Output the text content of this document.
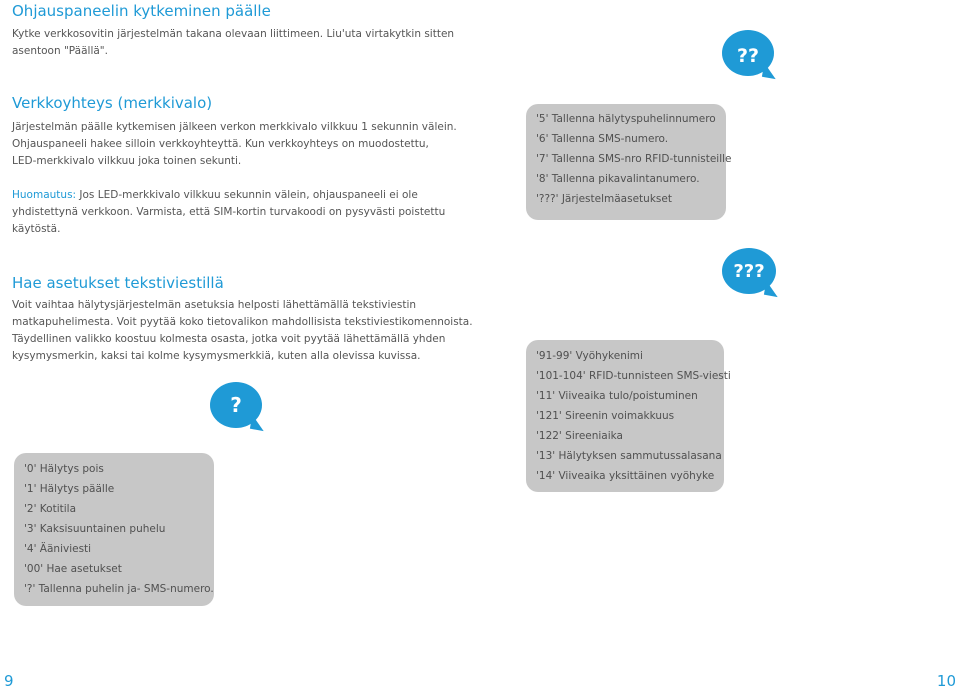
Ohjauspaneelin kytkeminen päälle

Kytke verkkosovitin järjestelmän takana olevaan liittimeen. Liu'uta virtakytkin sitten
asentoon "Päällä".	??
Verkkoyhteys (merkkivalo)

Järjestelmän päälle kytkemisen jälkeen verkon merkkivalo vilkkuu 1 sekunnin välein.
Ohjauspaneeli hakee silloin verkkoyhteyttä. Kun verkkoyhteys on muodostettu,
LED-merkkivalo vilkkuu joka toinen sekunti.

Huomautus: Jos LED-merkkivalo vilkkuu sekunnin välein, ohjauspaneeli ei ole
yhdistettynä verkkoon. Varmista, että SIM-kortin turvakoodi on pysyvästi poistettu
käytöstä.

'5' Tallenna hälytyspuhelinnumero
'6' Tallenna SMS-numero.
'7' Tallenna SMS-nro RFID-tunnisteille
'8' Tallenna pikavalintanumero.
'???' Järjestelmäasetukset
Hae asetukset tekstiviestillä

Voit vaihtaa hälytysjärjestelmän asetuksia helposti lähettämällä tekstiviestin
matkapuhelimesta. Voit pyytää koko tietovalikon mahdollisista tekstiviestikomennoista.
Täydellinen valikko koostuu kolmesta osasta, jotka voit pyytää lähettämällä yhden
kysymysmerkin, kaksi tai kolme kysymysmerkkiä, kuten alla olevissa kuvissa.

???
'91-99' Vyöhykenimi
'101-104' RFID-tunnisteen SMS-viesti
'11' Viiveaika tulo/poistuminen
'121' Sireenin voimakkuus
'122' Sireeniaika
'13' Hälytyksen sammutussalasana
'14' Viiveaika yksittäinen vyöhyke
?
'0' Hälytys pois
'1' Hälytys päälle
'2' Kotitila
'3' Kaksisuuntainen puhelu
'4' Ääniviesti
'00' Hae asetukset
'?' Tallenna puhelin ja- SMS-numero.
9	10
